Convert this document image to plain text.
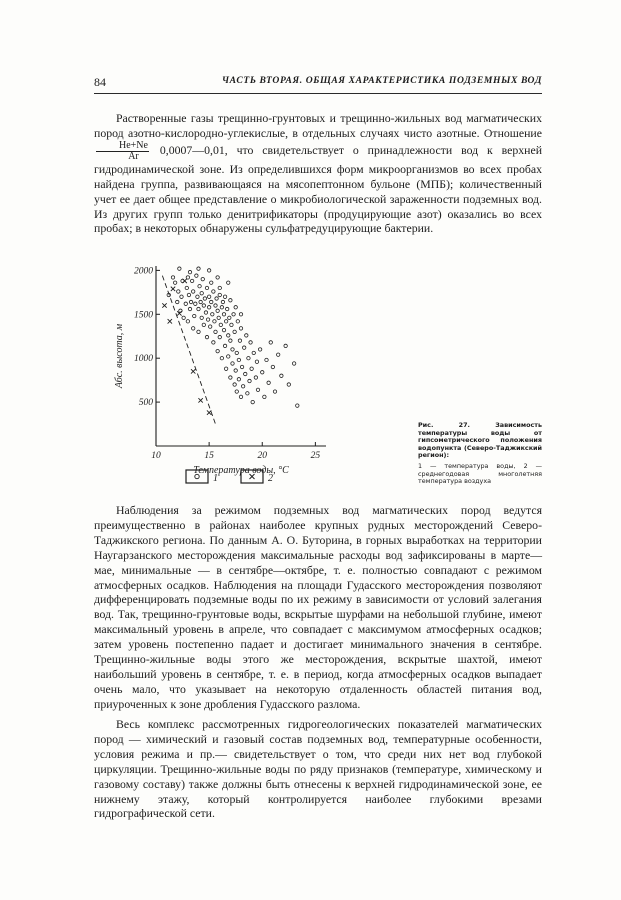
84	ЧАСТЬ ВТОРАЯ. ОБЩАЯ ХАРАКТЕРИСТИКА ПОДЗЕМНЫХ ВОД

Растворенные газы трещинно-грунтовых и трещинно-жильных вод магматических пород азотно-кислородно-углекислые, в отдельных случаях чисто азотные. Отношение
$\frac{He+Ne}{Ar}$ 0,0007—0,01, что свидетельствует о принадлежности вод к верхней гидродинамической зоне. Из определившихся форм микроорганизмов во всех пробах найдена группа, развивающаяся на мясопептонном бульоне (МПБ); количественный учет ее дает общее представление о микробиологической зараженности подземных вод. Из других групп только денитрификаторы (продуцирующие азот) оказались во всех пробах; в некоторых обнаружены сульфатредуцирующие бактерии.

10	15	20	25
500
1000
1500
2000
Температура воды, °С
Абс. высота, м
1	2
Рис. 27. Зависимость температуры воды от гипсометрического положения водопункта (Северо-Таджикский регион):
1 — температура воды, 2 — среднегодовая многолетняя температура воздуха

Наблюдения за режимом подземных вод магматических пород ведутся преимущественно в районах наиболее крупных рудных месторождений Северо-Таджикского региона. По данным А. О. Буторина, в горных выработках на территории Наугарзанского месторождения максимальные расходы вод зафиксированы в марте—мае, минимальные — в сентябре—октябре, т. е. полностью совпадают с режимом атмосферных осадков. Наблюдения на площади Гудасского месторождения позволяют дифференцировать подземные воды по их режиму в зависимости от условий залегания вод. Так, трещинно-грунтовые воды, вскрытые шурфами на небольшой глубине, имеют максимальный уровень в апреле, что совпадает с максимумом атмосферных осадков; затем уровень постепенно падает и достигает минимального значения в сентябре. Трещинно-жильные воды этого же месторождения, вскрытые шахтой, имеют наибольший уровень в сентябре, т. е. в период, когда атмосферных осадков выпадает очень мало, что указывает на некоторую отдаленность областей питания вод, приуроченных к зоне дробления Гудасского разлома.

Весь комплекс рассмотренных гидрогеологических показателей магматических пород — химический и газовый состав подземных вод, температурные особенности, условия режима и пр.— свидетельствует о том, что среди них нет вод глубокой циркуляции. Трещинно-жильные воды по ряду признаков (температуре, химическому и газовому составу) также должны быть отнесены к верхней гидродинамической зоне, ее нижнему этажу, который контролируется наиболее глубокими врезами гидрографической сети.
